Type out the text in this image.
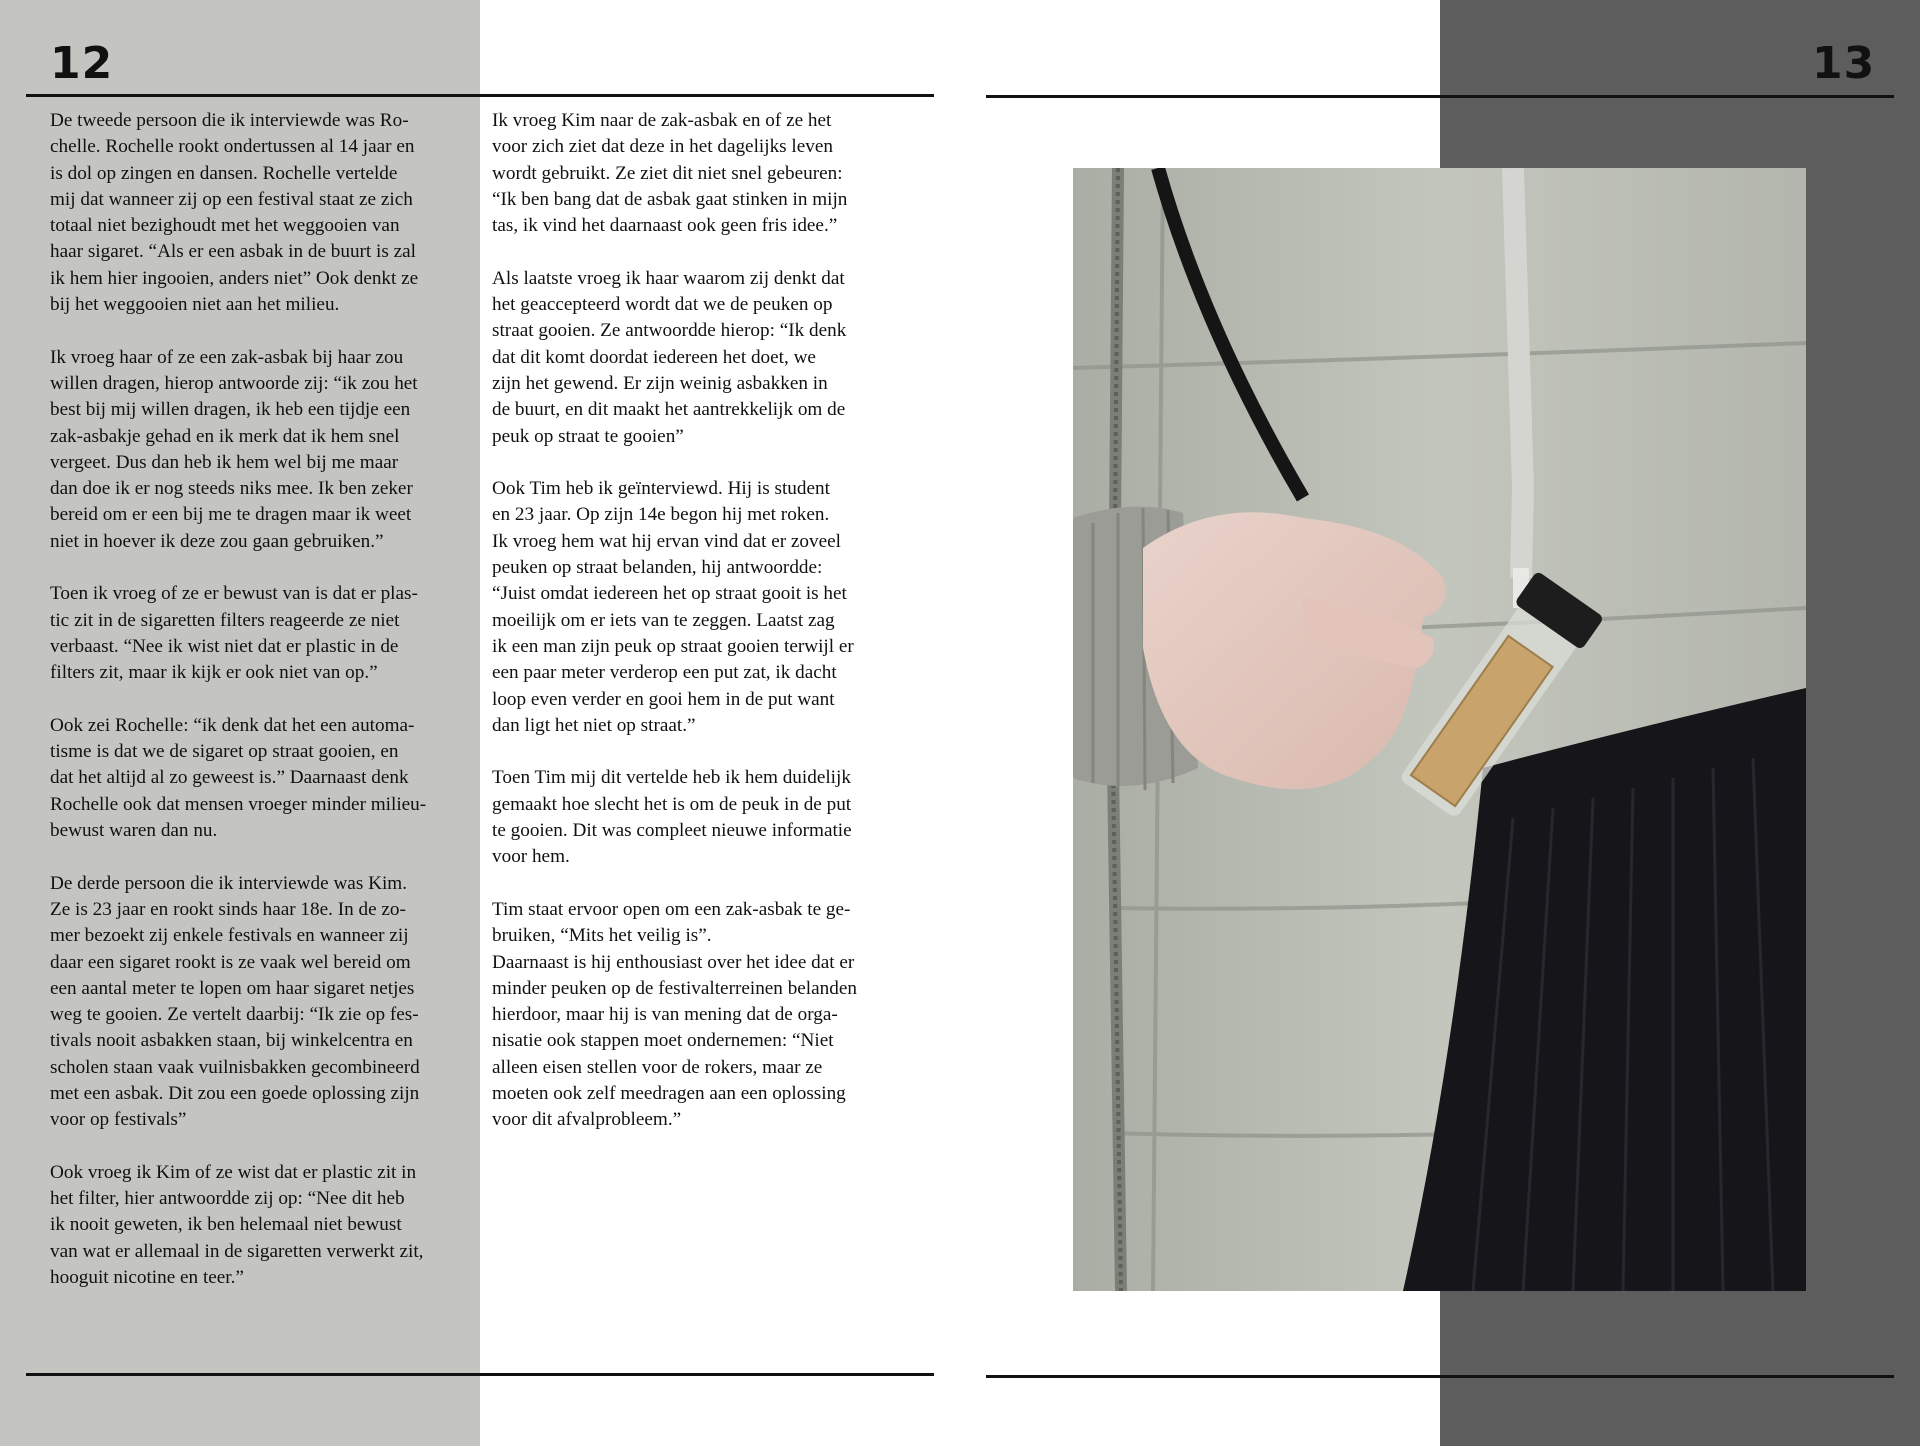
12	13

De tweede persoon die ik interviewde was Ro-
chelle. Rochelle rookt ondertussen al 14 jaar en
is dol op zingen en dansen. Rochelle vertelde
mij dat wanneer zij op een festival staat ze zich
totaal niet bezighoudt met het weggooien van
haar sigaret. “Als er een asbak in de buurt is zal
ik hem hier ingooien, anders niet” Ook denkt ze
bij het weggooien niet aan het milieu.

Ik vroeg haar of ze een zak-asbak bij haar zou
willen dragen, hierop antwoorde zij: “ik zou het
best bij mij willen dragen, ik heb een tijdje een
zak-asbakje gehad en ik merk dat ik hem snel
vergeet. Dus dan heb ik hem wel bij me maar
dan doe ik er nog steeds niks mee. Ik ben zeker
bereid om er een bij me te dragen maar ik weet
niet in hoever ik deze zou gaan gebruiken.”

Toen ik vroeg of ze er bewust van is dat er plas-
tic zit in de sigaretten filters reageerde ze niet
verbaast. “Nee ik wist niet dat er plastic in de
filters zit, maar ik kijk er ook niet van op.”

Ook zei Rochelle: “ik denk dat het een automa-
tisme is dat we de sigaret op straat gooien, en
dat het altijd al zo geweest is.” Daarnaast denk
Rochelle ook dat mensen vroeger minder milieu-
bewust waren dan nu.

De derde persoon die ik interviewde was Kim.
Ze is 23 jaar en rookt sinds haar 18e. In de zo-
mer bezoekt zij enkele festivals en wanneer zij
daar een sigaret rookt is ze vaak wel bereid om
een aantal meter te lopen om haar sigaret netjes
weg te gooien. Ze vertelt daarbij: “Ik zie op fes-
tivals nooit asbakken staan, bij winkelcentra en
scholen staan vaak vuilnisbakken gecombineerd
met een asbak. Dit zou een goede oplossing zijn
voor op festivals”

Ook vroeg ik Kim of ze wist dat er plastic zit in
het filter, hier antwoordde zij op: “Nee dit heb
ik nooit geweten, ik ben helemaal niet bewust
van wat er allemaal in de sigaretten verwerkt zit,
hooguit nicotine en teer.”

Ik vroeg Kim naar de zak-asbak en of ze het
voor zich ziet dat deze in het dagelijks leven
wordt gebruikt. Ze ziet dit niet snel gebeuren:
“Ik ben bang dat de asbak gaat stinken in mijn
tas, ik vind het daarnaast ook geen fris idee.”

Als laatste vroeg ik haar waarom zij denkt dat
het geaccepteerd wordt dat we de peuken op
straat gooien. Ze antwoordde hierop: “Ik denk
dat dit komt doordat iedereen het doet, we
zijn het gewend. Er zijn weinig asbakken in
de buurt, en dit maakt het aantrekkelijk om de
peuk op straat te gooien”

Ook Tim heb ik geïnterviewd. Hij is student
en 23 jaar. Op zijn 14e begon hij met roken.
Ik vroeg hem wat hij ervan vind dat er zoveel
peuken op straat belanden, hij antwoordde:
“Juist omdat iedereen het op straat gooit is het
moeilijk om er iets van te zeggen. Laatst zag
ik een man zijn peuk op straat gooien terwijl er
een paar meter verderop een put zat, ik dacht
loop even verder en gooi hem in de put want
dan ligt het niet op straat.”

Toen Tim mij dit vertelde heb ik hem duidelijk
gemaakt hoe slecht het is om de peuk in de put
te gooien. Dit was compleet nieuwe informatie
voor hem.

Tim staat ervoor open om een zak-asbak te ge-
bruiken, “Mits het veilig is”.
Daarnaast is hij enthousiast over het idee dat er
minder peuken op de festivalterreinen belanden
hierdoor, maar hij is van mening dat de orga-
nisatie ook stappen moet ondernemen: “Niet
alleen eisen stellen voor de rokers, maar ze
moeten ook zelf meedragen aan een oplossing
voor dit afvalprobleem.”
